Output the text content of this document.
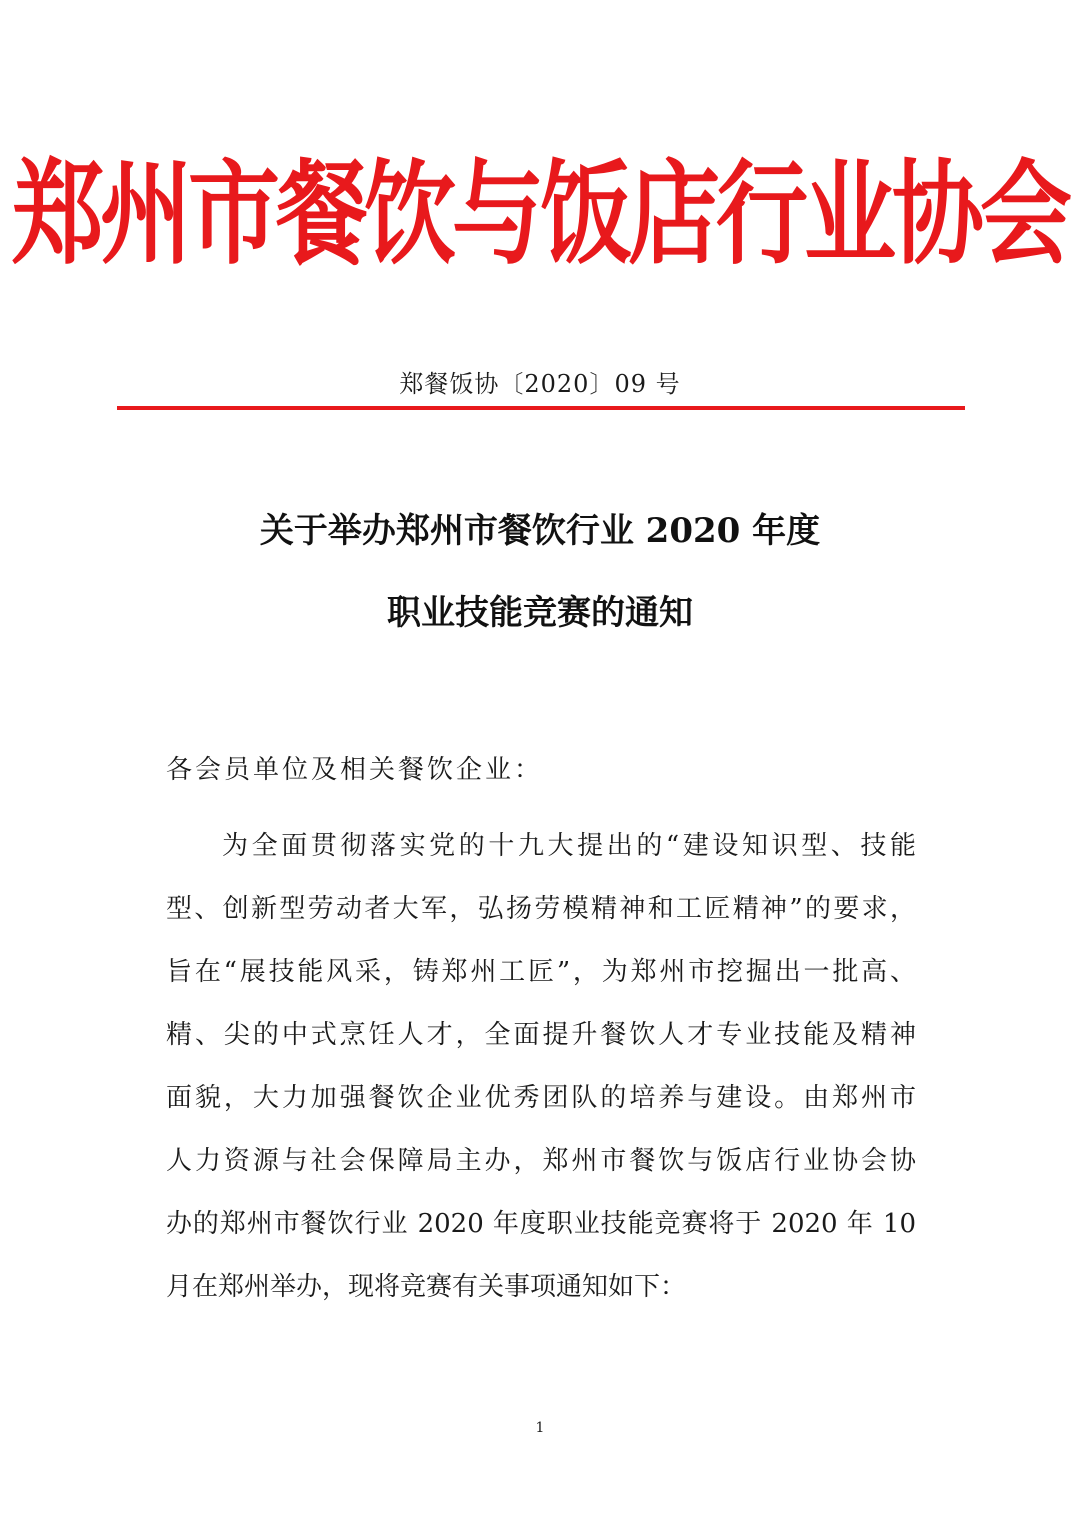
郑州市餐饮与饭店行业协会
郑餐饭协〔2020〕09 号
关于举办郑州市餐饮行业 2020 年度
职业技能竞赛的通知
各会员单位及相关餐饮企业：
为全面贯彻落实党的十九大提出的“建设知识型、技能
型、创新型劳动者大军，弘扬劳模精神和工匠精神”的要求，
旨在“展技能风采，铸郑州工匠”，为郑州市挖掘出一批高、
精、尖的中式烹饪人才，全面提升餐饮人才专业技能及精神
面貌，大力加强餐饮企业优秀团队的培养与建设。由郑州市
人力资源与社会保障局主办，郑州市餐饮与饭店行业协会协
办的郑州市餐饮行业 2020 年度职业技能竞赛将于 2020 年 10
月在郑州举办，现将竞赛有关事项通知如下：
1
